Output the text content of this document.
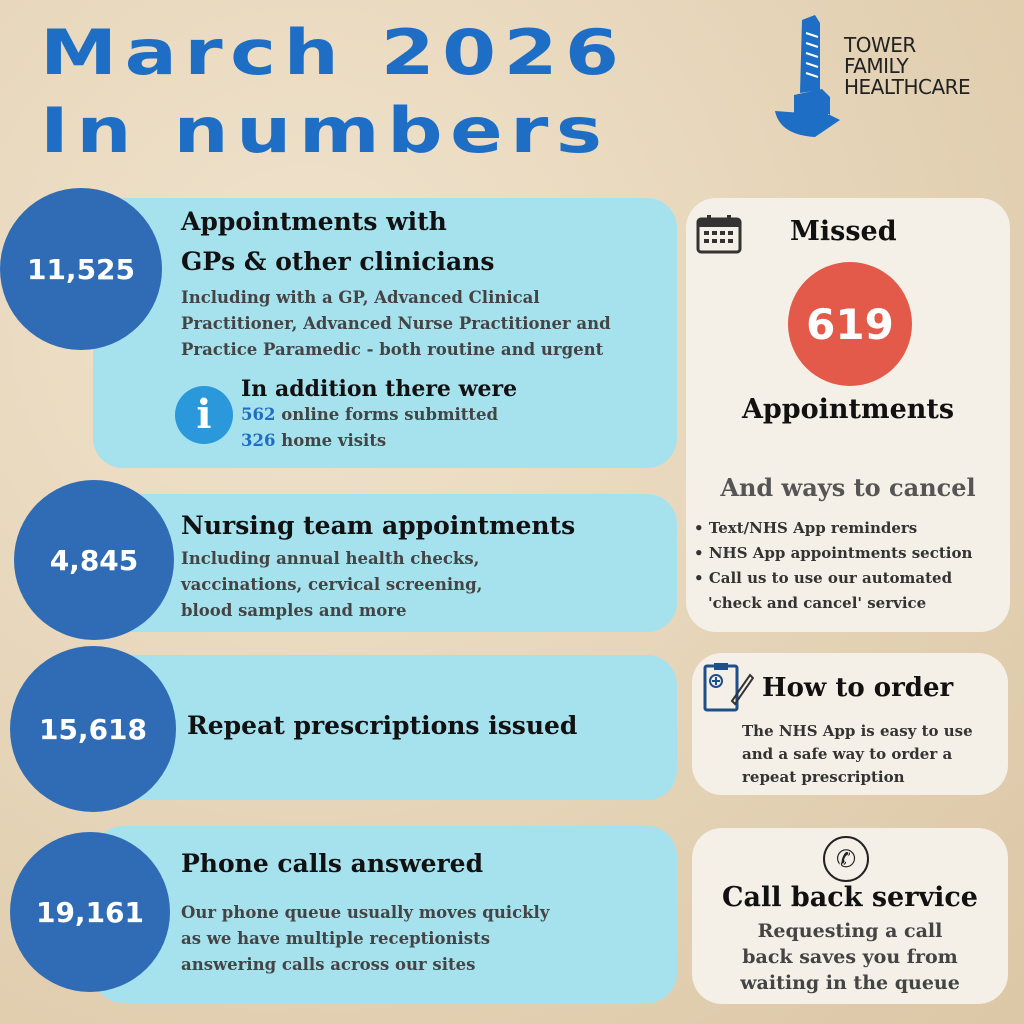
March 2026
In numbers
TOWER
FAMILY
HEALTHCARE
Appointments with
GPs & other clinicians
Including with a GP, Advanced Clinical
Practitioner, Advanced Nurse Practitioner and
Practice Paramedic - both routine and urgent
i
In addition there were
562 online forms submitted
326 home visits
11,525
Nursing team appointments
Including annual health checks,
vaccinations, cervical screening,
blood samples and more
4,845
Repeat prescriptions issued
15,618
Phone calls answered
Our phone queue usually moves quickly
as we have multiple receptionists
answering calls across our sites
19,161
Missed
619
Appointments
And ways to cancel
• Text/NHS App reminders
• NHS App appointments section
• Call us to use our automated
'check and cancel' service
How to order
The NHS App is easy to use
and a safe way to order a
repeat prescription
✆
Call back service
Requesting a call
back saves you from
waiting in the queue
